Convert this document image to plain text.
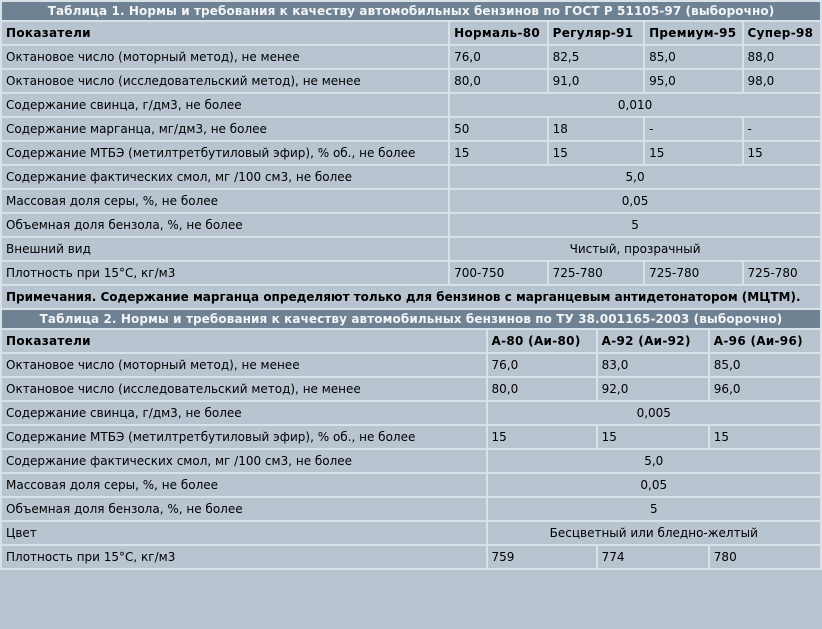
Таблица 1. Нормы и требования к качеству автомобильных бензинов по ГОСТ Р 51105-97 (выборочно)				
Показатели	Нормаль-80	Регуляр-91	Премиум-95	Супер-98
Октановое число (моторный метод), не менее	76,0	82,5	85,0	88,0
Октановое число (исследовательский метод), не менее	80,0	91,0	95,0	98,0
Содержание свинца, г/дм3, не более	0,010			
Содержание марганца, мг/дм3, не более	50	18	-	-
Содержание МТБЭ (метилтретбутиловый эфир), % об., не более	15	15	15	15
Содержание фактических смол, мг /100 см3, не более	5,0			
Массовая доля серы, %, не более	0,05			
Объемная доля бензола, %, не более	5			
Внешний вид	Чистый, прозрачный			
Плотность при 15°С, кг/м3	700-750	725-780	725-780	725-780
Примечания. Содержание марганца определяют только для бензинов с марганцевым антидетонатором (МЦТМ).				
Таблица 2. Нормы и требования к качеству автомобильных бензинов по ТУ 38.001165-2003 (выборочно)			
Показатели	А-80 (Аи-80)	А-92 (Аи-92)	А-96 (Аи-96)
Октановое число (моторный метод), не менее	76,0	83,0	85,0
Октановое число (исследовательский метод), не менее	80,0	92,0	96,0
Содержание свинца, г/дм3, не более	0,005		
Содержание МТБЭ (метилтретбутиловый эфир), % об., не более	15	15	15
Содержание фактических смол, мг /100 см3, не более	5,0		
Массовая доля серы, %, не более	0,05		
Объемная доля бензола, %, не более	5		
Цвет	Бесцветный или бледно-желтый		
Плотность при 15°С, кг/м3	759	774	780
